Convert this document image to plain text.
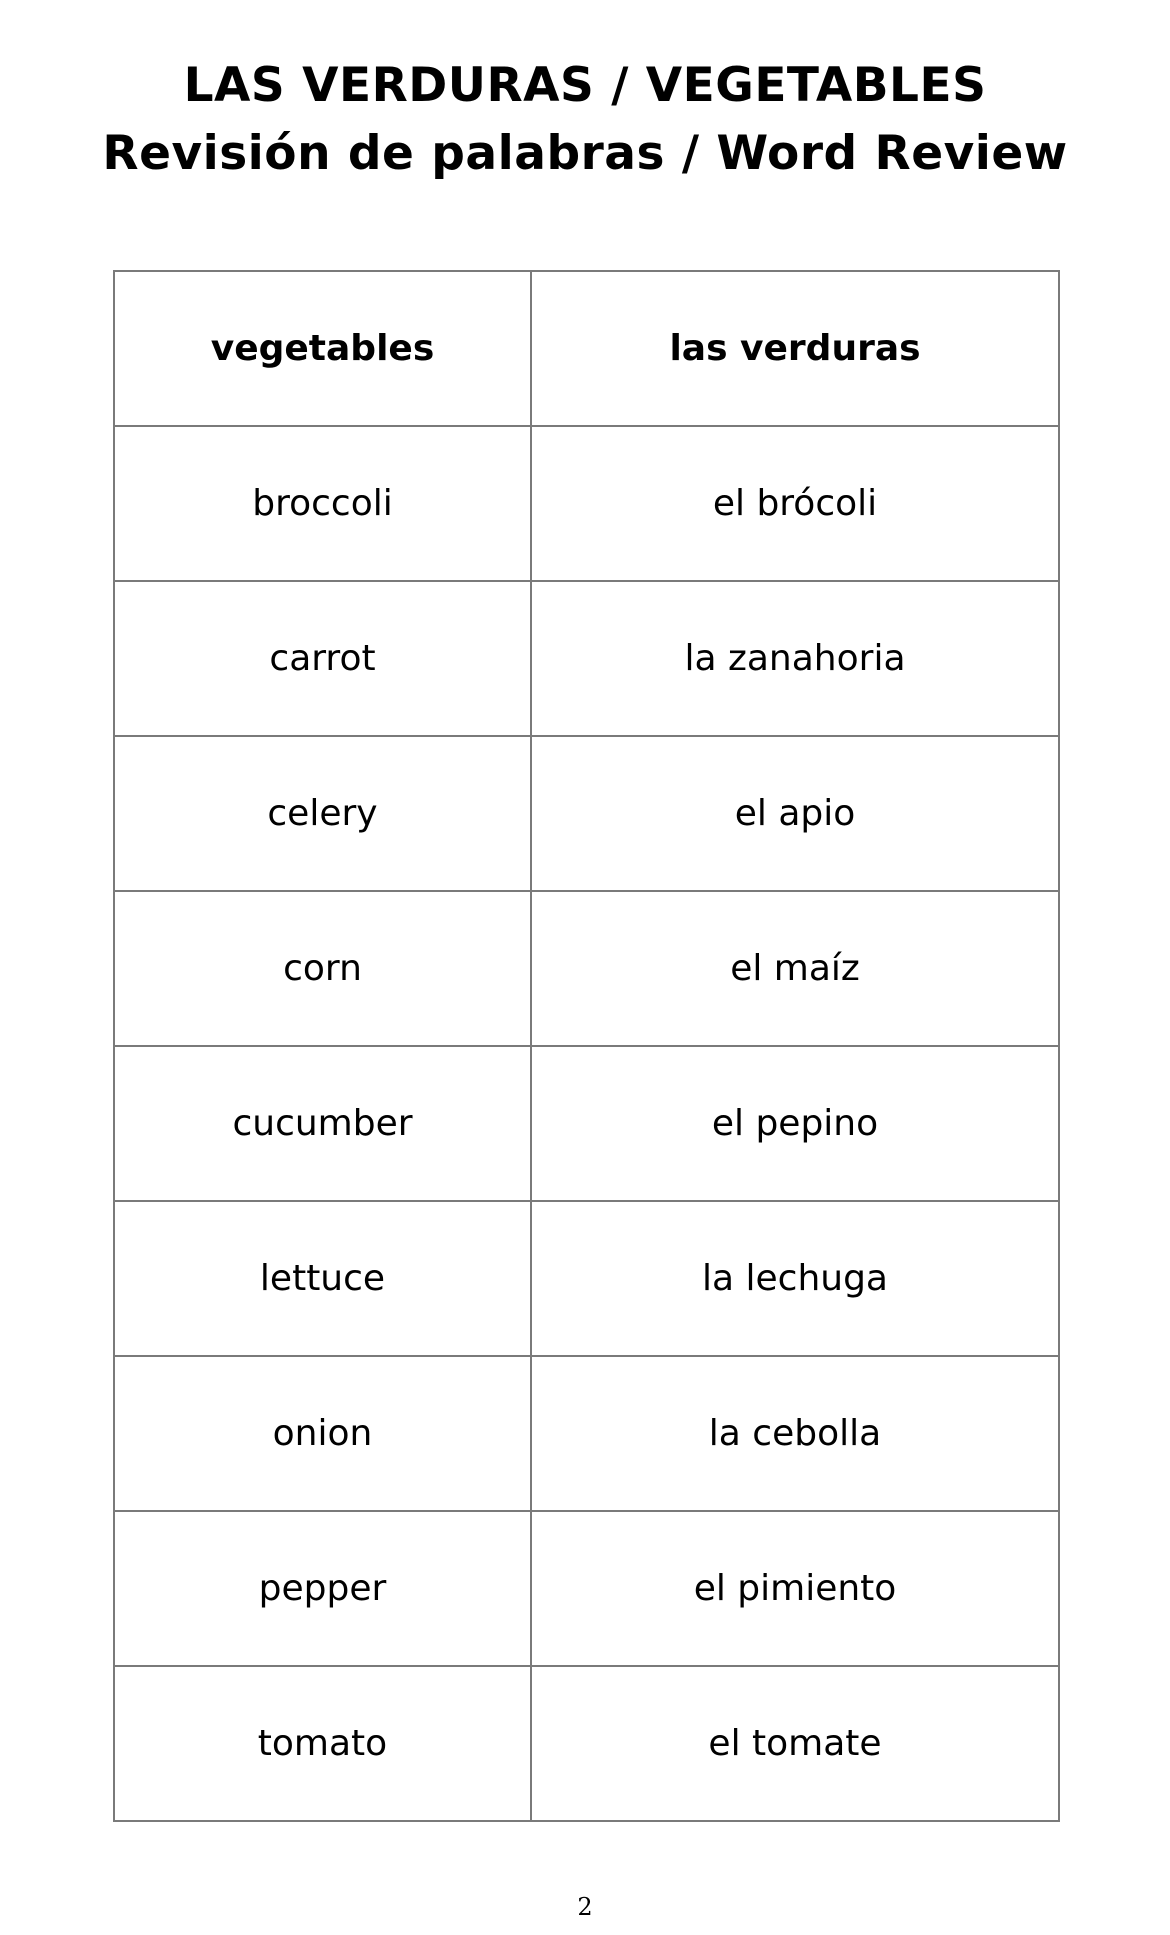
LAS VERDURAS / VEGETABLES
Revisión de palabras / Word Review
vegetables	las verduras
broccoli	el brócoli
carrot	la zanahoria
celery	el apio
corn	el maíz
cucumber	el pepino
lettuce	la lechuga
onion	la cebolla
pepper	el pimiento
tomato	el tomate
2
